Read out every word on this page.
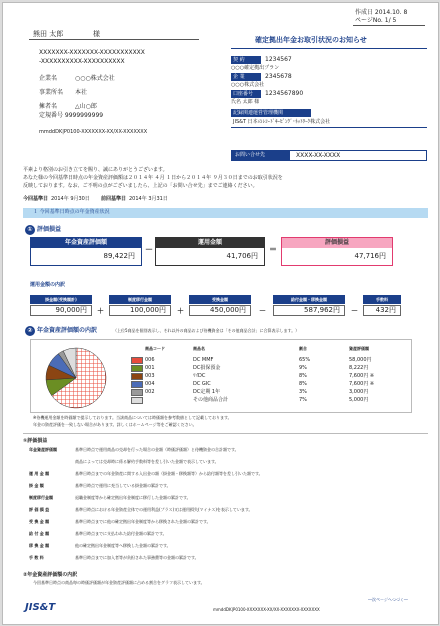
作成日 2014.10. 8
ページNo. 1/ 5
熊田 太郎	様
XXXXXXX-XXXXXXX-XXXXXXXXXXX
-XXXXXXXXXX-XXXXXXXXXX
企業名	○○○株式会社
事業所名 本社
擁者名	△山○郎
定規番号 9999999999
mmddDK|P0100-XXXXXXX-XX/XX-XXXXXXX
確定拠出年金お取引状況のお知らせ
契 約	1234567
○○○確定拠出プラン
企 業	2345678
○○○株式会社
口座番号	1234567890
氏名 太郎 様
記録関連運営管理機関
JIS&T 日本のﾚｺｰﾄﾞｷｰﾋﾟﾝｸﾞ･ﾈｯﾄﾜｰｸ株式会社
お問い合せ先	XXXX-XX-XXXX
平素より格別のお引き立てを賜り、誠にありがとうございます。
あなた様の今回基準日時点の年金資産評価額は２０１４年 ４月 １日から２０１４年 ９月３０日までのお取引状況を
反映しております。なお、ご不明の点がございましたら、上記の「お問い合せ先」までご連絡ください。
今回基準日 2014年 9月30日 前回基準日 2014年 3月31日
１ 今回基準日時点の年金資産状況
① 評価損益
年金資産評価額
89,422円
－
運用金額
41,706円
＝
評価損益
47,716円
運用金額の内訳
掛金額(受換額計)	制度移行金額	受換金額	給付金額・移換金額	手数料
90,000円	＋	100,000円	＋	450,000円	－	587,962円	－	432円
② 年金資産評価額の内訳	（上位5商品を個別表示し、それ以外の商品および待機資金は「その他商品合計」に合算表示します。）
商品コード	商品名	割合	資産評価額
006	DC MMF	65%	58,000円
001	DC損保預金	9%	8,222円
003	ﾏｲDC	8%	7,600円 ※
004	DC GIC	8%	7,600円 ※
002	DC定期 1年	3%	3,000円
その他商品合計	7%	5,000円
※待機運用金額を時価額で提示しております。当該商品については時価額を参考数値として記載しております。
年金の資産評価を一致しない場合があります。詳しくはホームページ等をご確認ください。
①評価損益
年金資産評価額	基準日時点で運用商品の売却を行った場合の金額（時価評価額）と待機資金の合計額です。
商品によっては売却時に係る解約手数料等を差し引いた金額で表示しています。
運 用 金 額	基準日時点までの年金資産に関する入出金の額（掛金額・移換額等）から給付額等を差し引いた額です。
掛 金 額	基準日時点で運用に充当している掛金額の累計です。
制度移行金額	退職金制度等から確定拠出年金制度に移行した金額の累計です。
評 価 損 益	基準日時点における年金資産全体での運用利益(プラス)又は運用損失(マイナス)を表示しています。
受 換 金 額	基準日時点までに他の確定拠出年金制度等から移換された金額の累計です。
給 付 金 額	基準日時点までに支払われた給付金額の累計です。
移 換 金 額	他の確定拠出年金制度等へ移換した金額の累計です。
手 数 料	基準日時点までに加入者等が負担された事務費等の金額の累計です。
②年金資産評価額の内訳
今回基準日時点の商品毎の時価評価額が年金資産評価額に占める割合をグラフ表示しています。
JIS&T	mmddDK|P0100-XXXXXXX-XX/XX-XXXXXXX-XXXXXXX
―次ページへつづく―
